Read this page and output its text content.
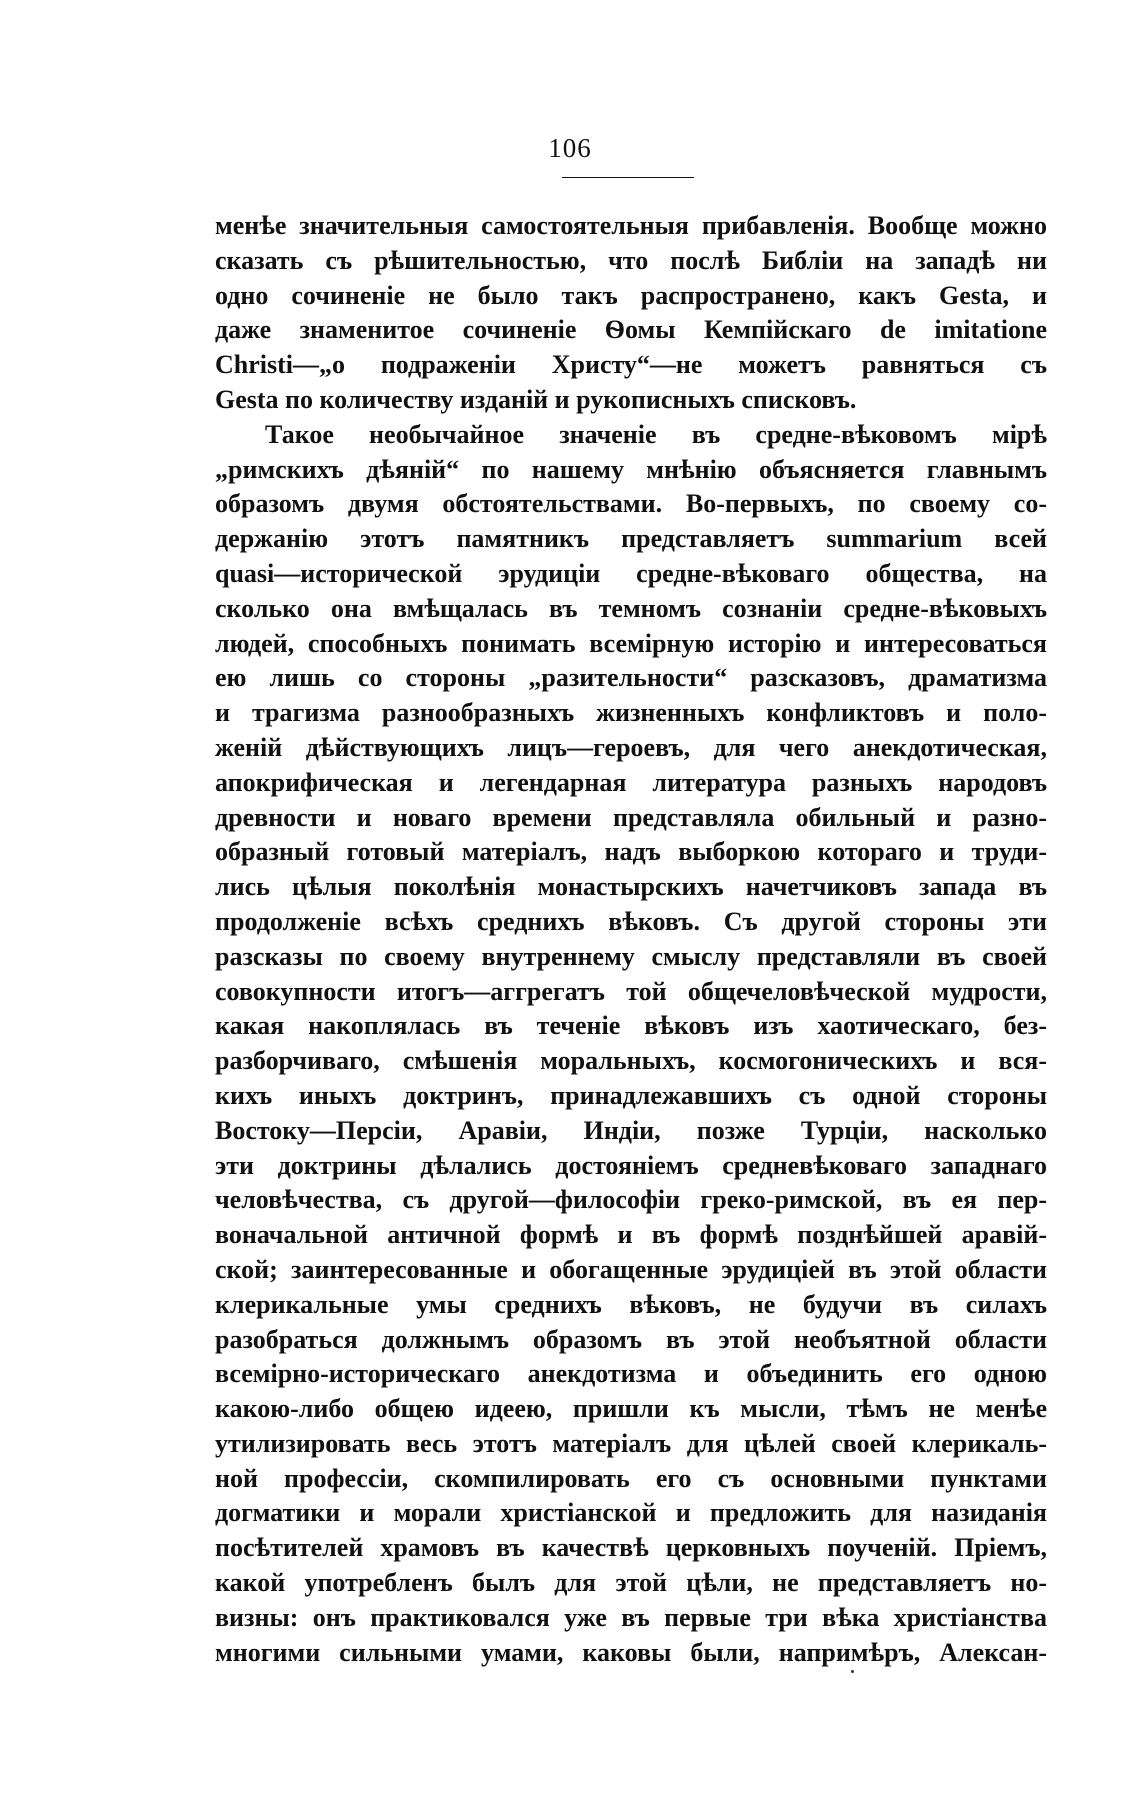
106
менѣе значительныя самостоятельныя прибавленія. Вообще можно
сказать съ рѣшительностью, что послѣ Библіи на западѣ ни
одно сочиненіе не было такъ распространено, какъ Gesta, и
даже знаменитое сочиненіе Ѳомы Кемпійскаго de imitatione
Christi—„о подраженіи Христу“—не можетъ равняться съ
Gesta по количеству изданій и рукописныхъ списковъ.
Такое необычайное значеніе въ средне-вѣковомъ мірѣ
„римскихъ дѣяній“ по нашему мнѣнію объясняется главнымъ
образомъ двумя обстоятельствами. Во-первыхъ, по своему со-
держанію этотъ памятникъ представляетъ summarium всей
quasi—исторической эрудиціи средне-вѣковаго общества, на
сколько она вмѣщалась въ темномъ сознаніи средне-вѣковыхъ
людей, способныхъ понимать всемірную исторію и интересоваться
ею лишь со стороны „разительности“ разсказовъ, драматизма
и трагизма разнообразныхъ жизненныхъ конфликтовъ и поло-
женій дѣйствующихъ лицъ—героевъ, для чего анекдотическая,
апокрифическая и легендарная литература разныхъ народовъ
древности и новаго времени представляла обильный и разно-
образный готовый матеріалъ, надъ выборкою котораго и труди-
лись цѣлыя поколѣнія монастырскихъ начетчиковъ запада въ
продолженіе всѣхъ среднихъ вѣковъ. Съ другой стороны эти
разсказы по своему внутреннему смыслу представляли въ своей
совокупности итогъ—аггрегатъ той общечеловѣческой мудрости,
какая накоплялась въ теченіе вѣковъ изъ хаотическаго, без-
разборчиваго, смѣшенія моральныхъ, космогоническихъ и вся-
кихъ иныхъ доктринъ, принадлежавшихъ съ одной стороны
Востоку—Персіи, Аравіи, Индіи, позже Турціи, насколько
эти доктрины дѣлались достояніемъ средневѣковаго западнаго
человѣчества, съ другой—философіи греко-римской, въ ея пер-
воначальной античной формѣ и въ формѣ позднѣйшей аравій-
ской; заинтересованные и обогащенные эрудиціей въ этой области
клерикальные умы среднихъ вѣковъ, не будучи въ силахъ
разобраться должнымъ образомъ въ этой необъятной области
всемірно-историческаго анекдотизма и объединить его одною
какою-либо общею идеею, пришли къ мысли, тѣмъ не менѣе
утилизировать весь этотъ матеріалъ для цѣлей своей клерикаль-
ной профессіи, скомпилировать его съ основными пунктами
догматики и морали христіанской и предложить для назиданія
посѣтителей храмовъ въ качествѣ церковныхъ поученій. Пріемъ,
какой употребленъ былъ для этой цѣли, не представляетъ но-
визны: онъ практиковался уже въ первые три вѣка христіанства
многими сильными умами, каковы были, напримѣръ, Алексан-
